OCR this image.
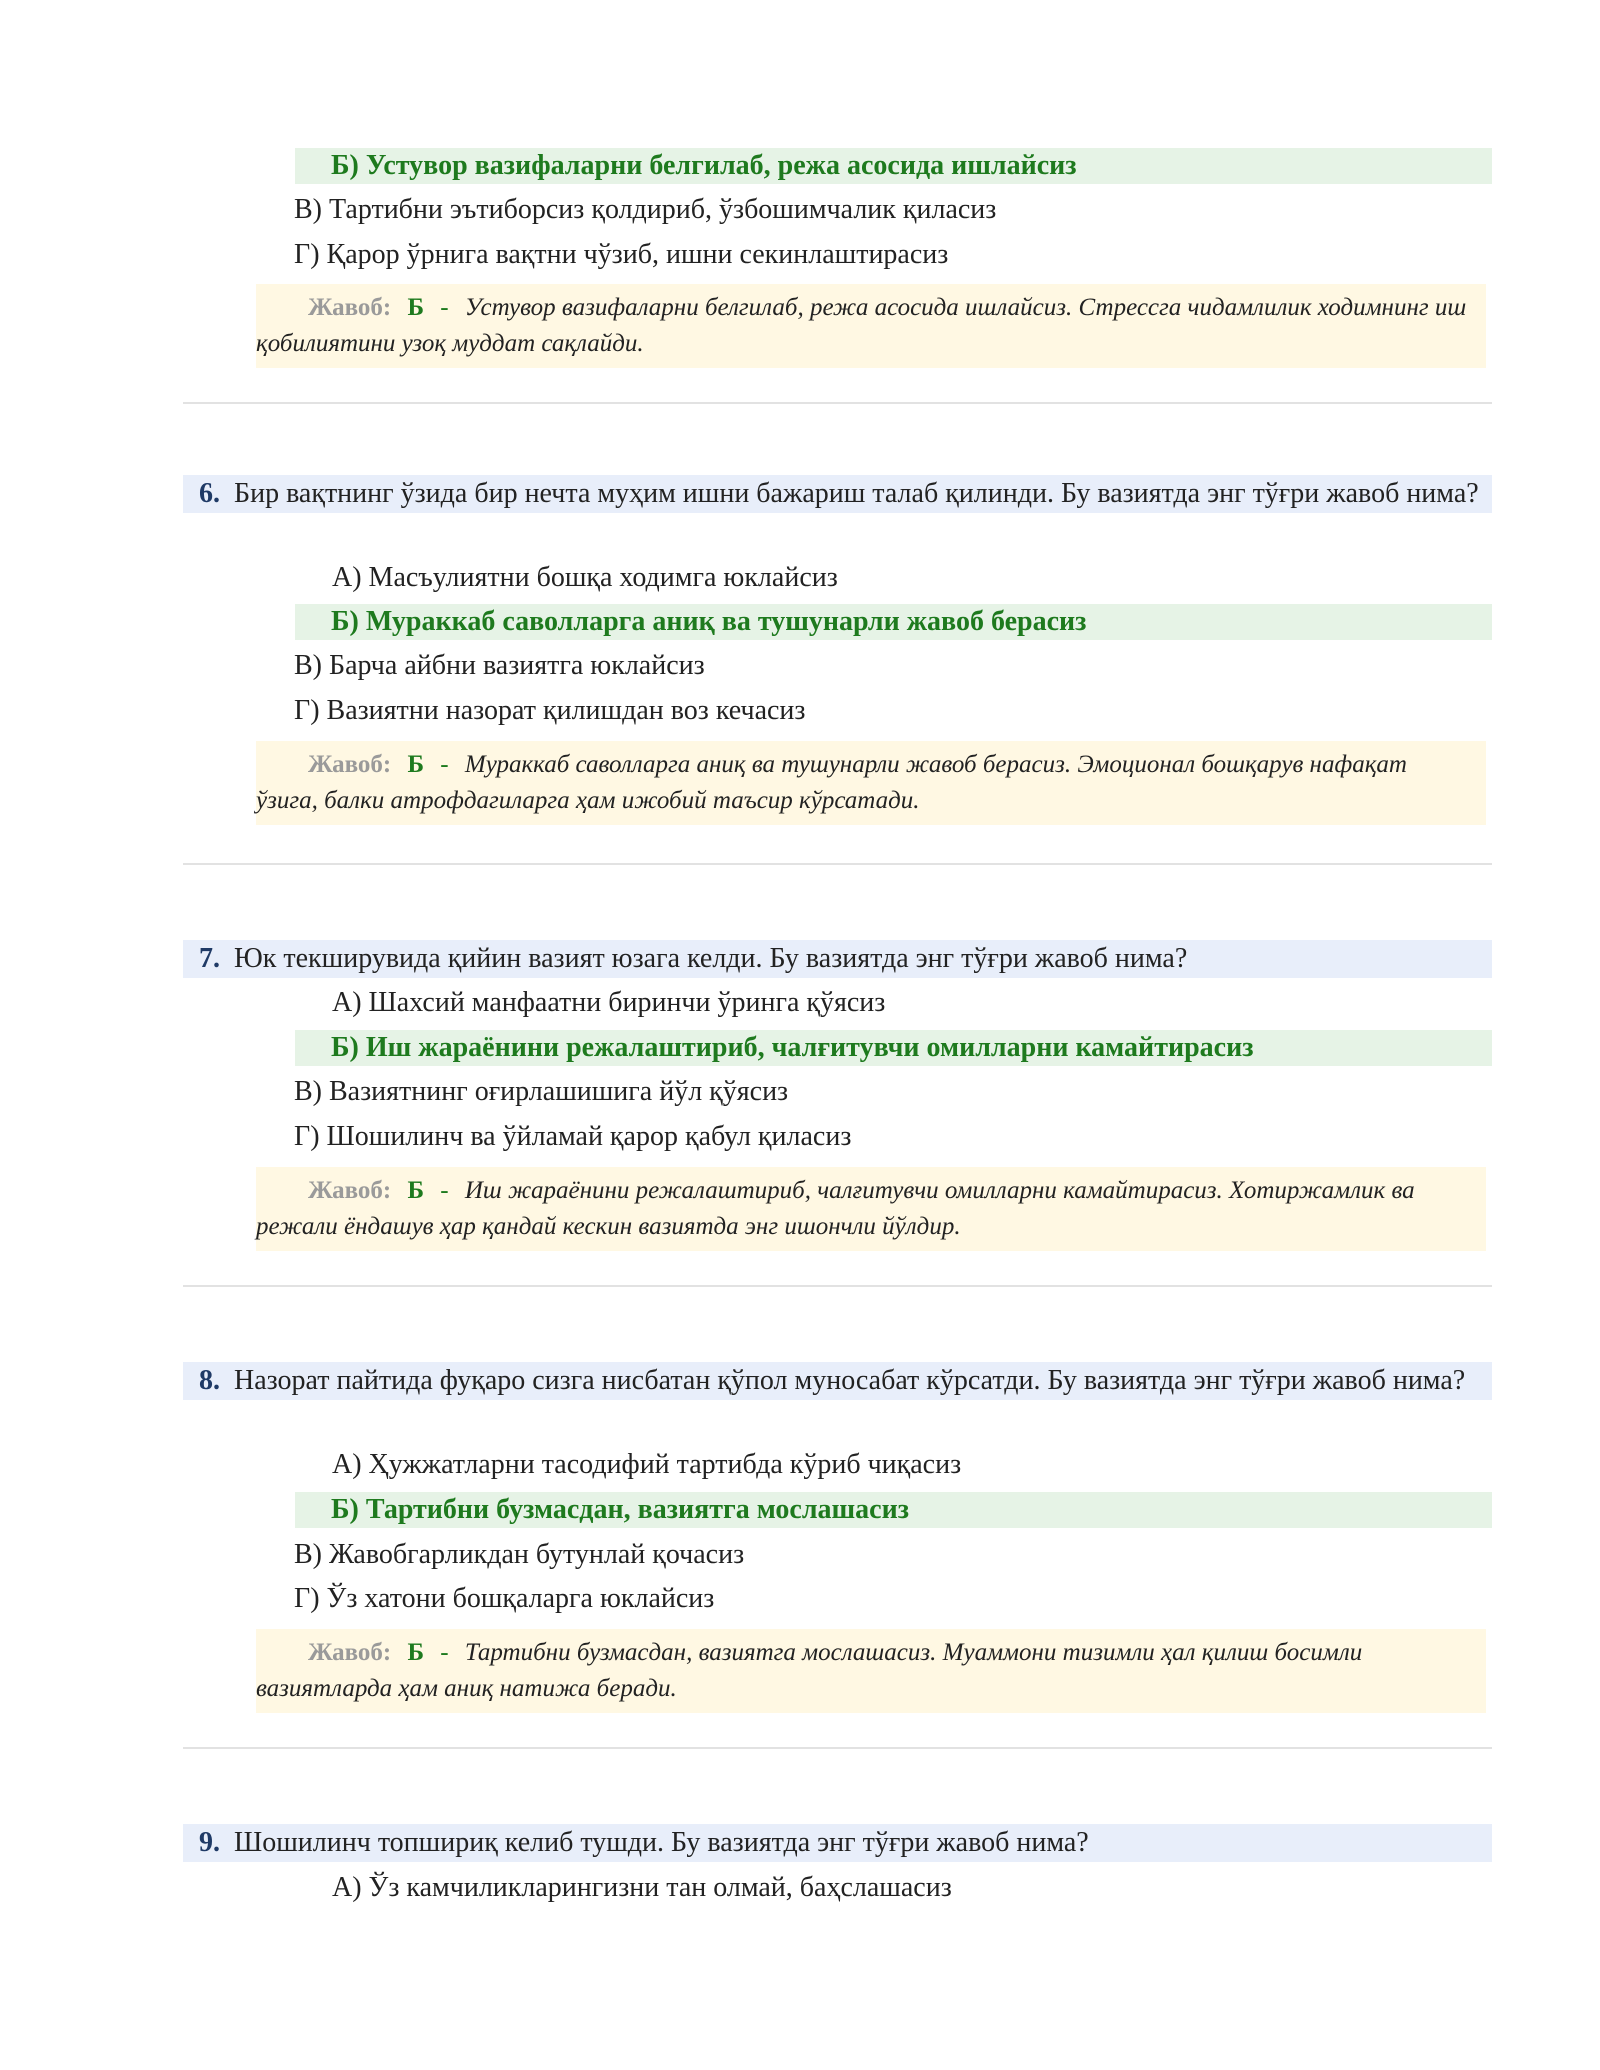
Б) Устувор вазифаларни белгилаб, режа асосида ишлайсиз
В) Тартибни эътиборсиз қолдириб, ўзбошимчалик қиласиз
Г) Қарор ўрнига вақтни чўзиб, ишни секинлаштирасиз
Жавоб: Б - Устувор вазифаларни белгилаб, режа асосида ишлайсиз. Стрессга чидамлилик ходимнинг иш қобилиятини узоқ муддат сақлайди.
6. Бир вақтнинг ўзида бир нечта муҳим ишни бажариш талаб қилинди. Бу вазиятда энг тўғри жавоб нима?
А) Масъулиятни бошқа ходимга юклайсиз
Б) Мураккаб саволларга аниқ ва тушунарли жавоб берасиз
В) Барча айбни вазиятга юклайсиз
Г) Вазиятни назорат қилишдан воз кечасиз
Жавоб: Б - Мураккаб саволларга аниқ ва тушунарли жавоб берасиз. Эмоционал бошқарув нафақат ўзига, балки атрофдагиларга ҳам ижобий таъсир кўрсатади.
7. Юк текширувида қийин вазият юзага келди. Бу вазиятда энг тўғри жавоб нима?
А) Шахсий манфаатни биринчи ўринга қўясиз
Б) Иш жараёнини режалаштириб, чалғитувчи омилларни камайтирасиз
В) Вазиятнинг оғирлашишига йўл қўясиз
Г) Шошилинч ва ўйламай қарор қабул қиласиз
Жавоб: Б - Иш жараёнини режалаштириб, чалғитувчи омилларни камайтирасиз. Хотиржамлик ва режали ёндашув ҳар қандай кескин вазиятда энг ишончли йўлдир.
8. Назорат пайтида фуқаро сизга нисбатан қўпол муносабат кўрсатди. Бу вазиятда энг тўғри жавоб нима?
А) Ҳужжатларни тасодифий тартибда кўриб чиқасиз
Б) Тартибни бузмасдан, вазиятга мослашасиз
В) Жавобгарликдан бутунлай қочасиз
Г) Ўз хатони бошқаларга юклайсиз
Жавоб: Б - Тартибни бузмасдан, вазиятга мослашасиз. Муаммони тизимли ҳал қилиш босимли вазиятларда ҳам аниқ натижа беради.
9. Шошилинч топшириқ келиб тушди. Бу вазиятда энг тўғри жавоб нима?
А) Ўз камчиликларингизни тан олмай, баҳслашасиз
